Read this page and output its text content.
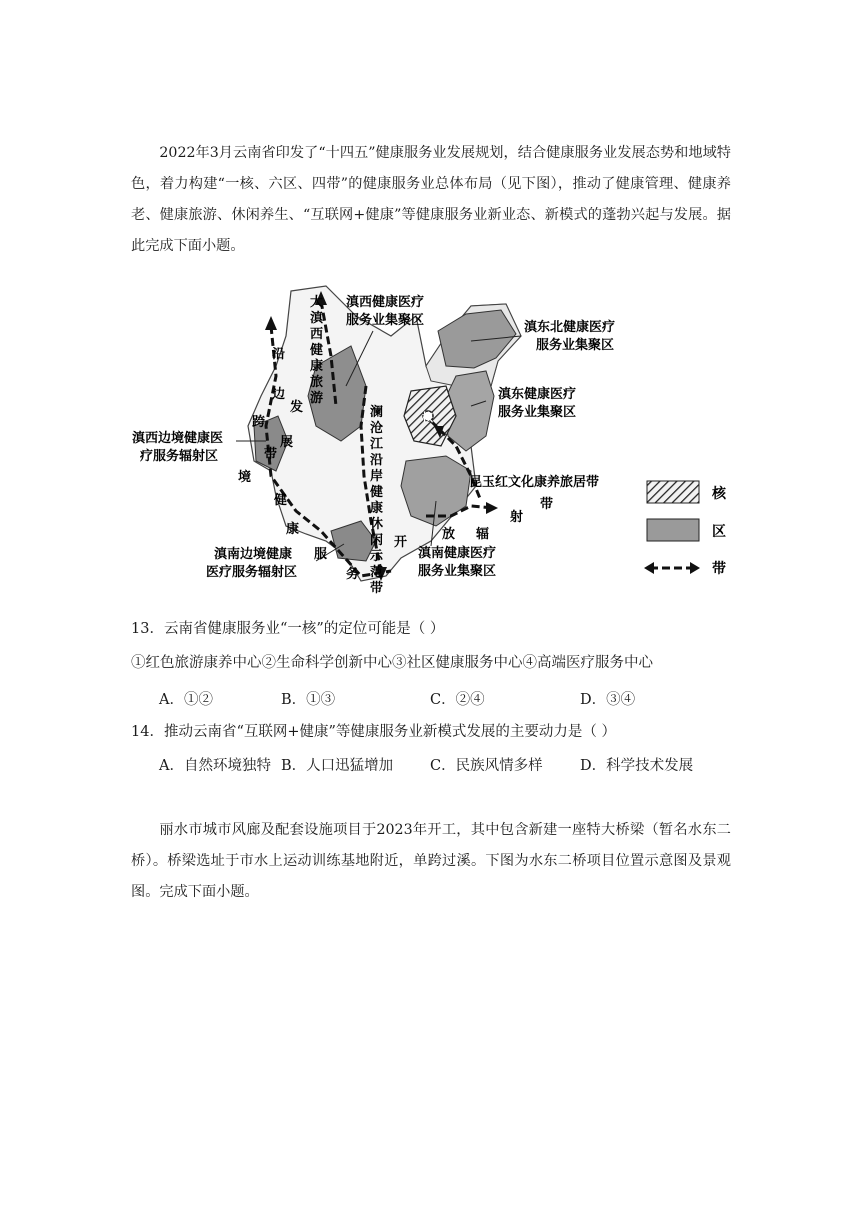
2022年3月云南省印发了“十四五”健康服务业发展规划，结合健康服务业发展态势和地域特色，着力构建“一核、六区、四带”的健康服务业总体布局（见下图），推动了健康管理、健康养老、健康旅游、休闲养生、“互联网+健康”等健康服务业新业态、新模式的蓬勃兴起与发展。据此完成下面小题。

滇西健康医疗
服务业集聚区	滇东北健康医疗
服务业集聚区
滇东健康医疗
服务业集聚区
滇西边境健康医
疗服务辐射区
滇南边境健康
医疗服务辐射区
滇南健康医疗
服务业集聚区
大
滇
西
健
康
旅
游
沿
边
跨
境
健
康
发
展
带
服
务
澜
沧
江
沿
岸
健
康
休
闲
示
范
带
昆玉红文化康养旅居带
带
开
放 辐
射
核
核
区
带

13．云南省健康服务业“一核”的定位可能是（ ）

①红色旅游康养中心②生命科学创新中心③社区健康服务中心④高端医疗服务中心

A．①②	B．①③	C．②④	D．③④

14．推动云南省“互联网+健康”等健康服务业新模式发展的主要动力是（ ）

A．自然环境独特 B．人口迅猛增加	C．民族风情多样	D．科学技术发展

丽水市城市风廊及配套设施项目于2023年开工，其中包含新建一座特大桥梁（暂名水东二桥）。桥梁选址于市水上运动训练基地附近，单跨过溪。下图为水东二桥项目位置示意图及景观图。完成下面小题。
